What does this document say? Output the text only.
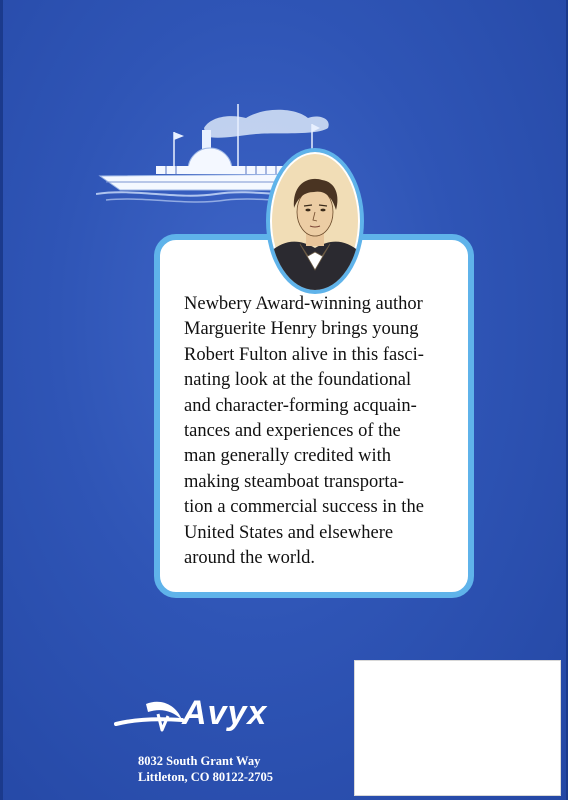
Newbery Award-winning author
Marguerite Henry brings young
Robert Fulton alive in this fasci-
nating look at the foundational
and character-forming acquain-
tances and experiences of the
man generally credited with
making steamboat transporta-
tion a commercial success in the
United States and elsewhere
around the world.

Avyx
8032 South Grant Way
Littleton, CO 80122-2705
